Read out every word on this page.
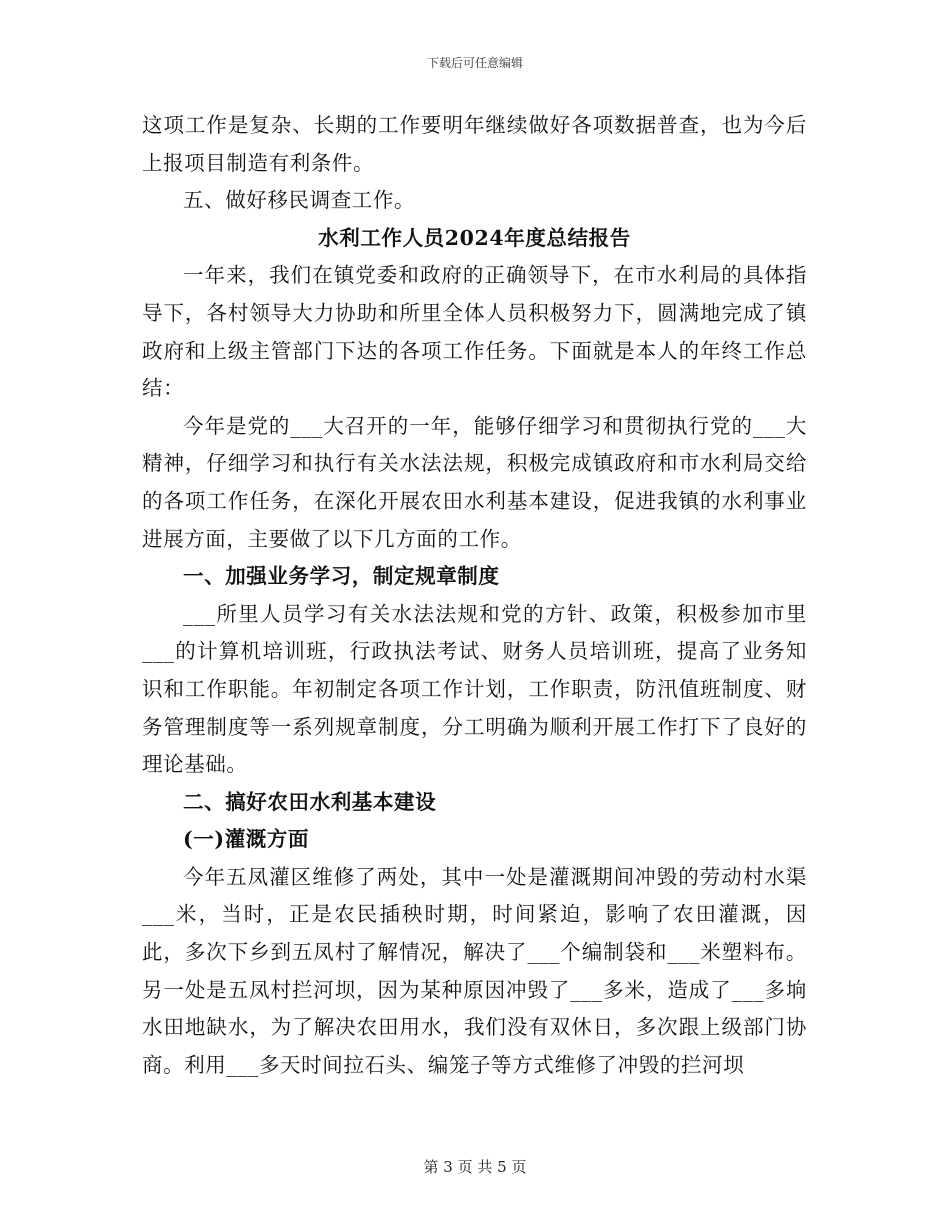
下载后可任意编辑

这项工作是复杂、长期的工作要明年继续做好各项数据普查，也为今后上报项目制造有利条件。

五、做好移民调查工作。

水利工作人员2024年度总结报告

一年来，我们在镇党委和政府的正确领导下，在市水利局的具体指导下，各村领导大力协助和所里全体人员积极努力下，圆满地完成了镇政府和上级主管部门下达的各项工作任务。下面就是本人的年终工作总结：

今年是党的___大召开的一年，能够仔细学习和贯彻执行党的___大精神，仔细学习和执行有关水法法规，积极完成镇政府和市水利局交给的各项工作任务，在深化开展农田水利基本建设，促进我镇的水利事业进展方面，主要做了以下几方面的工作。

一、加强业务学习，制定规章制度

___所里人员学习有关水法法规和党的方针、政策，积极参加市里___的计算机培训班，行政执法考试、财务人员培训班，提高了业务知识和工作职能。年初制定各项工作计划，工作职责，防汛值班制度、财务管理制度等一系列规章制度，分工明确为顺利开展工作打下了良好的理论基础。

二、搞好农田水利基本建设

(一)灌溉方面

今年五凤灌区维修了两处，其中一处是灌溉期间冲毁的劳动村水渠___米，当时，正是农民插秧时期，时间紧迫，影响了农田灌溉，因此，多次下乡到五凤村了解情况，解决了___个编制袋和___米塑料布。另一处是五凤村拦河坝，因为某种原因冲毁了___多米，造成了___多垧水田地缺水，为了解决农田用水，我们没有双休日，多次跟上级部门协商。利用___多天时间拉石头、编笼子等方式维修了冲毁的拦河坝

第 3 页 共 5 页
